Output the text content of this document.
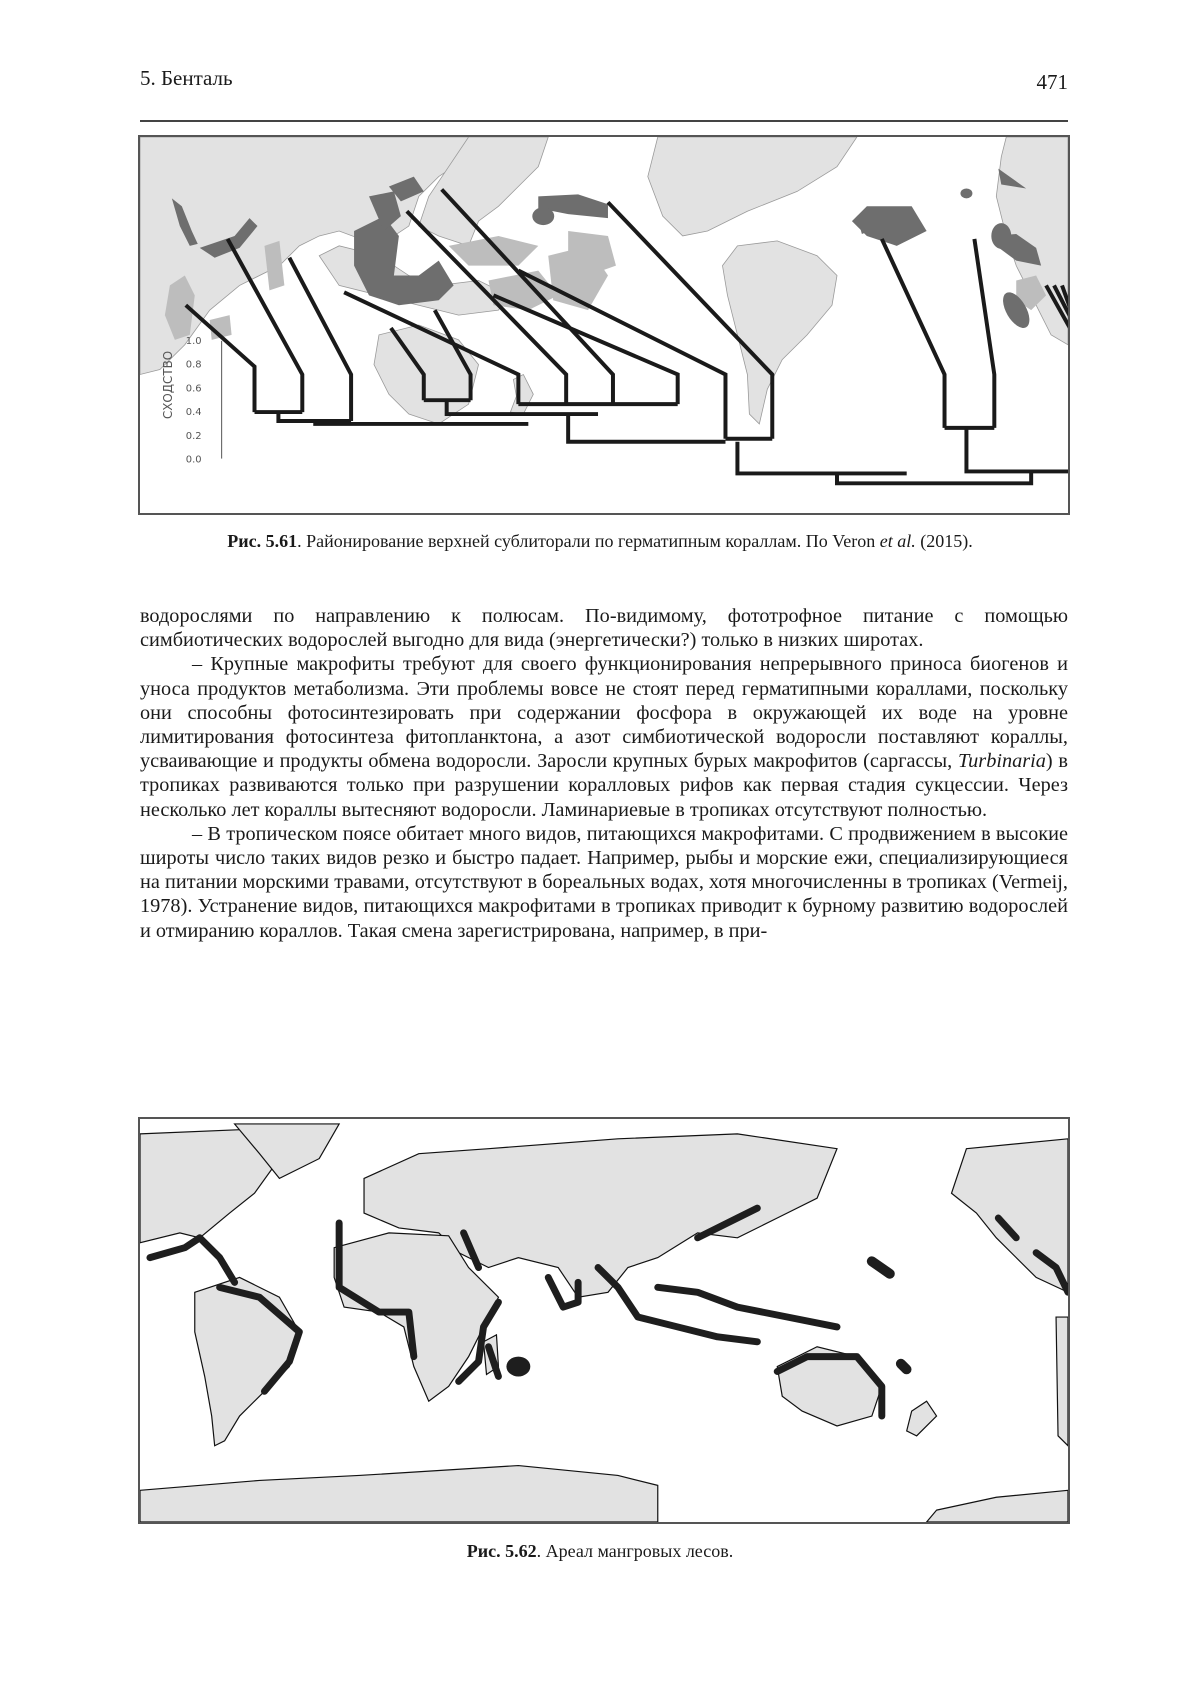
5. Бенталь	471
СХОДСТВО
1.0
0.8
0.6
0.4
0.2
0.0
Рис. 5.61. Районирование верхней сублиторали по герматипным кораллам. По Veron et al. (2015).

водорослями по направлению к полюсам. По-видимому, фототрофное питание с помощью симбиотических водорослей выгодно для вида (энергетически?) только в низких широтах.

– Крупные макрофиты требуют для своего функционирования непрерывного приноса биогенов и уноса продуктов метаболизма. Эти проблемы вовсе не стоят перед герматипными кораллами, поскольку они способны фотосинтезировать при содержании фосфора в окружающей их воде на уровне лимитирования фотосинтеза фитопланктона, а азот симбиотической водоросли поставляют кораллы, усваивающие и продукты обмена водоросли. Заросли крупных бурых макрофитов (саргассы, Turbinaria) в тропиках развиваются только при разрушении коралловых рифов как первая стадия сукцессии. Через несколько лет кораллы вытесняют водоросли. Ламинариевые в тропиках отсутствуют полностью.

– В тропическом поясе обитает много видов, питающихся макрофитами. С продвижением в высокие широты число таких видов резко и быстро падает. Например, рыбы и морские ежи, специализирующиеся на питании морскими травами, отсутствуют в бореальных водах, хотя многочисленны в тропиках (Vermeij, 1978). Устранение видов, питающихся макрофитами в тропиках приводит к бурному развитию водорослей и отмиранию кораллов. Такая смена зарегистрирована, например, в при-

Рис. 5.62. Ареал мангровых лесов.
